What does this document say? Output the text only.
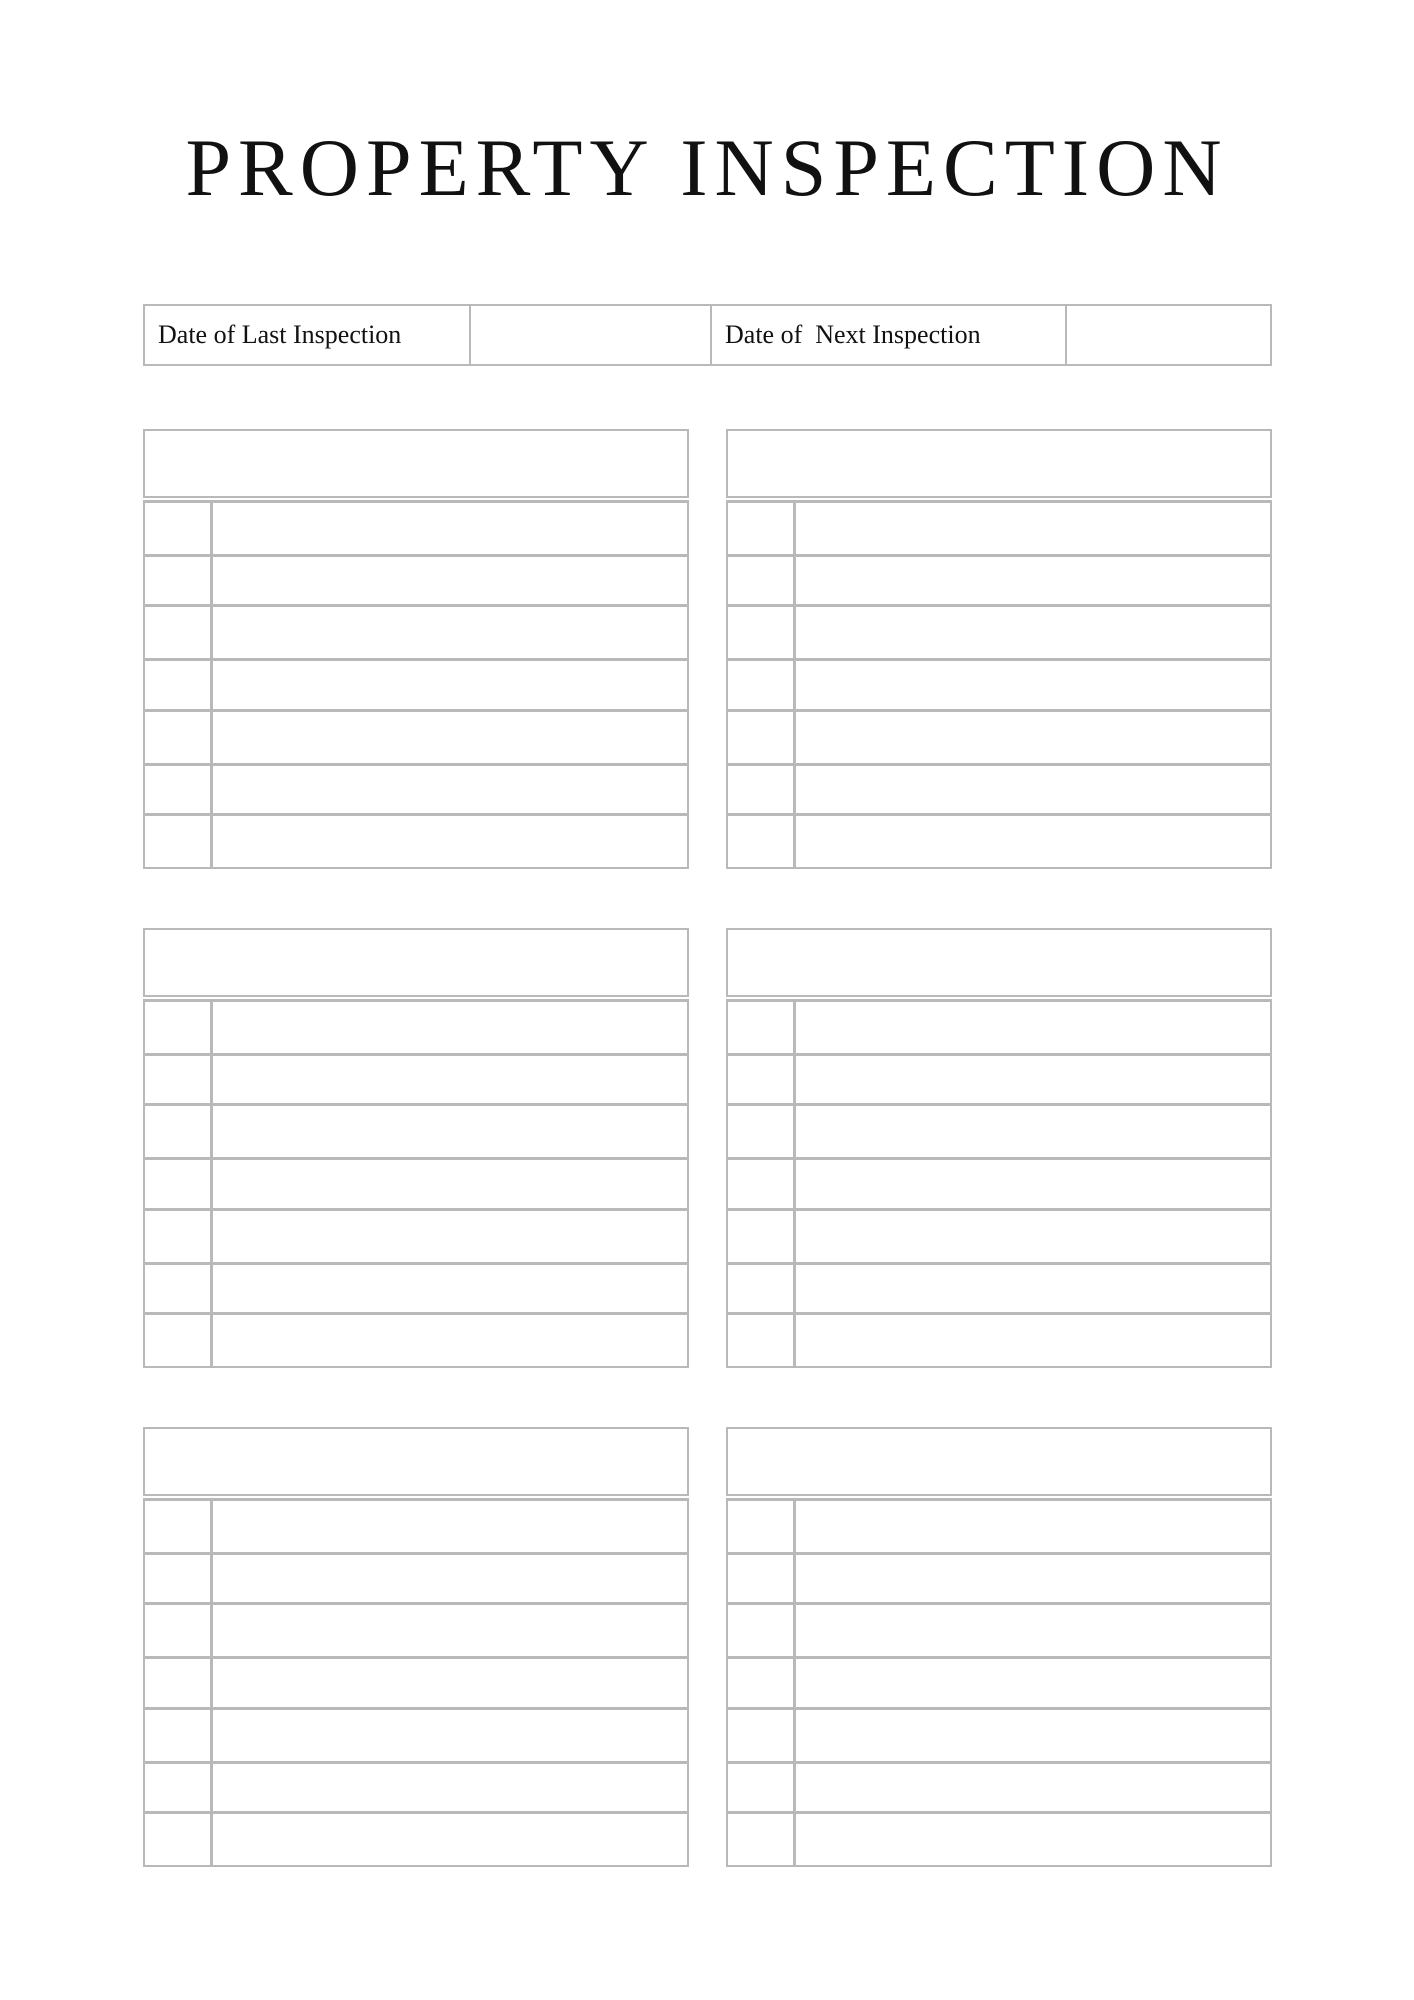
PROPERTY INSPECTION
Date of Last Inspection	Date of  Next Inspection
